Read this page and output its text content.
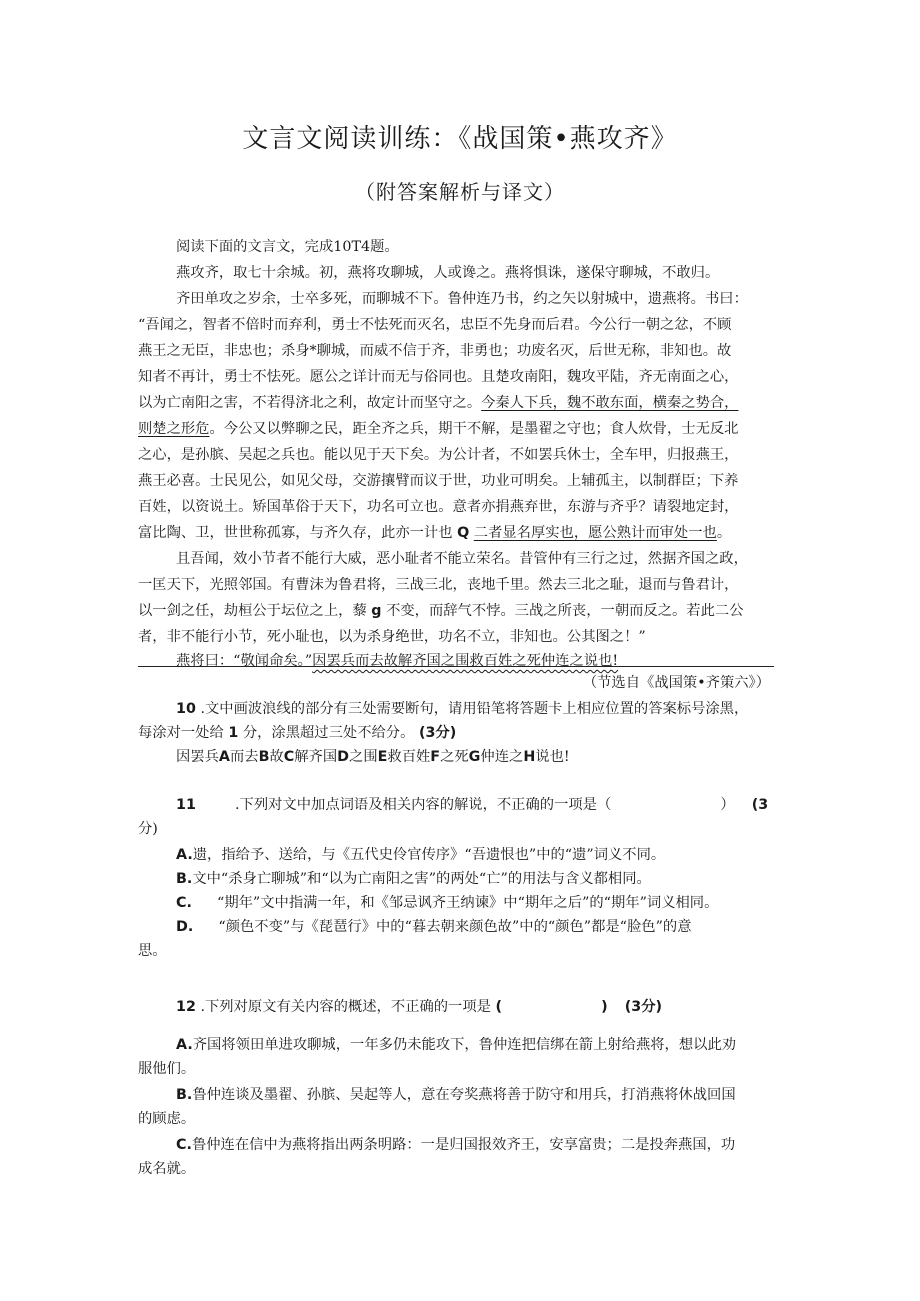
文言文阅读训练：《战国策•燕攻齐》
（附答案解析与译文）
阅读下面的文言文，完成10T4题。
燕攻齐，取七十余城。初，燕将攻聊城，人或谗之。燕将惧诛，遂保守聊城，不敢归。
齐田单攻之岁余，士卒多死，而聊城不下。鲁仲连乃书，约之矢以射城中，遗燕将。书曰：
“吾闻之，智者不倍时而弃利，勇士不怯死而灭名，忠臣不先身而后君。今公行一朝之忿，不顾
燕王之无臣，非忠也；杀身*聊城，而威不信于齐，非勇也；功废名灭，后世无称，非知也。故
知者不再计，勇士不怯死。愿公之详计而无与俗同也。且楚攻南阳，魏攻平陆，齐无南面之心，
以为亡南阳之害，不若得济北之利，故定计而坚守之。今秦人下兵，魏不敢东面，横秦之势合，
则楚之形危。今公又以弊聊之民，距全齐之兵，期干不解，是墨翟之守也；食人炊骨，士无反北
之心，是孙膑、吴起之兵也。能以见于天下矣。为公计者，不如罢兵休士，全车甲，归报燕王，
燕王必喜。士民见公，如见父母，交游攘臂而议于世，功业可明矣。上辅孤主，以制群臣；下养
百姓，以资说土。矫国革俗于天下，功名可立也。意者亦捐燕弃世，东游与齐乎？请裂地定封，
富比陶、卫，世世称孤寡，与齐久存，此亦一计也 Q 二者显名厚实也，愿公熟计而审处一也。
且吾闻，效小节者不能行大威，恶小耻者不能立荣名。昔管仲有三行之过，然据齐国之政，
一匡天下，光照邻国。有曹沫为鲁君将，三战三北，丧地千里。然去三北之耻，退而与鲁君计，
以一剑之任，劫桓公于坛位之上，藜 g 不变，而辞气不悖。三战之所丧，一朝而反之。若此二公
者，非不能行小节，死小耻也，以为杀身绝世，功名不立，非知也。公其图之！”
燕将曰：“敬闻命矣。”因罢兵而去故解齐国之围救百姓之死仲连之说也!
（节选自《战国策•齐策六》）
10 .文中画波浪线的部分有三处需要断句，请用铅笔将答题卡上相应位置的答案标号涂黑，
每涂对一处给 1 分，涂黑超过三处不给分。 (3分)
因罢兵A而去B故C解齐国D之围E救百姓F之死G仲连之H说也!
11	.下列对文中加点词语及相关内容的解说，不正确的一项是（	） (3
分)
A.遗，指给予、送给，与《五代史伶官传序》“吾遗恨也”中的“遗”词义不同。
B.文中“杀身亡聊城”和“以为亡南阳之害”的两处“亡”的用法与含义都相同。
C. “期年”文中指满一年，和《邹忌讽齐王纳谏》中“期年之后”的“期年”词义相同。
D. “颜色不变”与《琵琶行》中的“暮去朝来颜色故”中的“颜色”都是“脸色”的意
思。
12 .下列对原文有关内容的概述，不正确的一项是 (	) (3分)
A.齐国将领田单进攻聊城，一年多仍未能攻下，鲁仲连把信绑在箭上射给燕将，想以此劝
服他们。
B.鲁仲连谈及墨翟、孙膑、吴起等人，意在夸奖燕将善于防守和用兵，打消燕将休战回国
的顾虑。
C.鲁仲连在信中为燕将指出两条明路：一是归国报效齐王，安享富贵；二是投奔燕国，功
成名就。
